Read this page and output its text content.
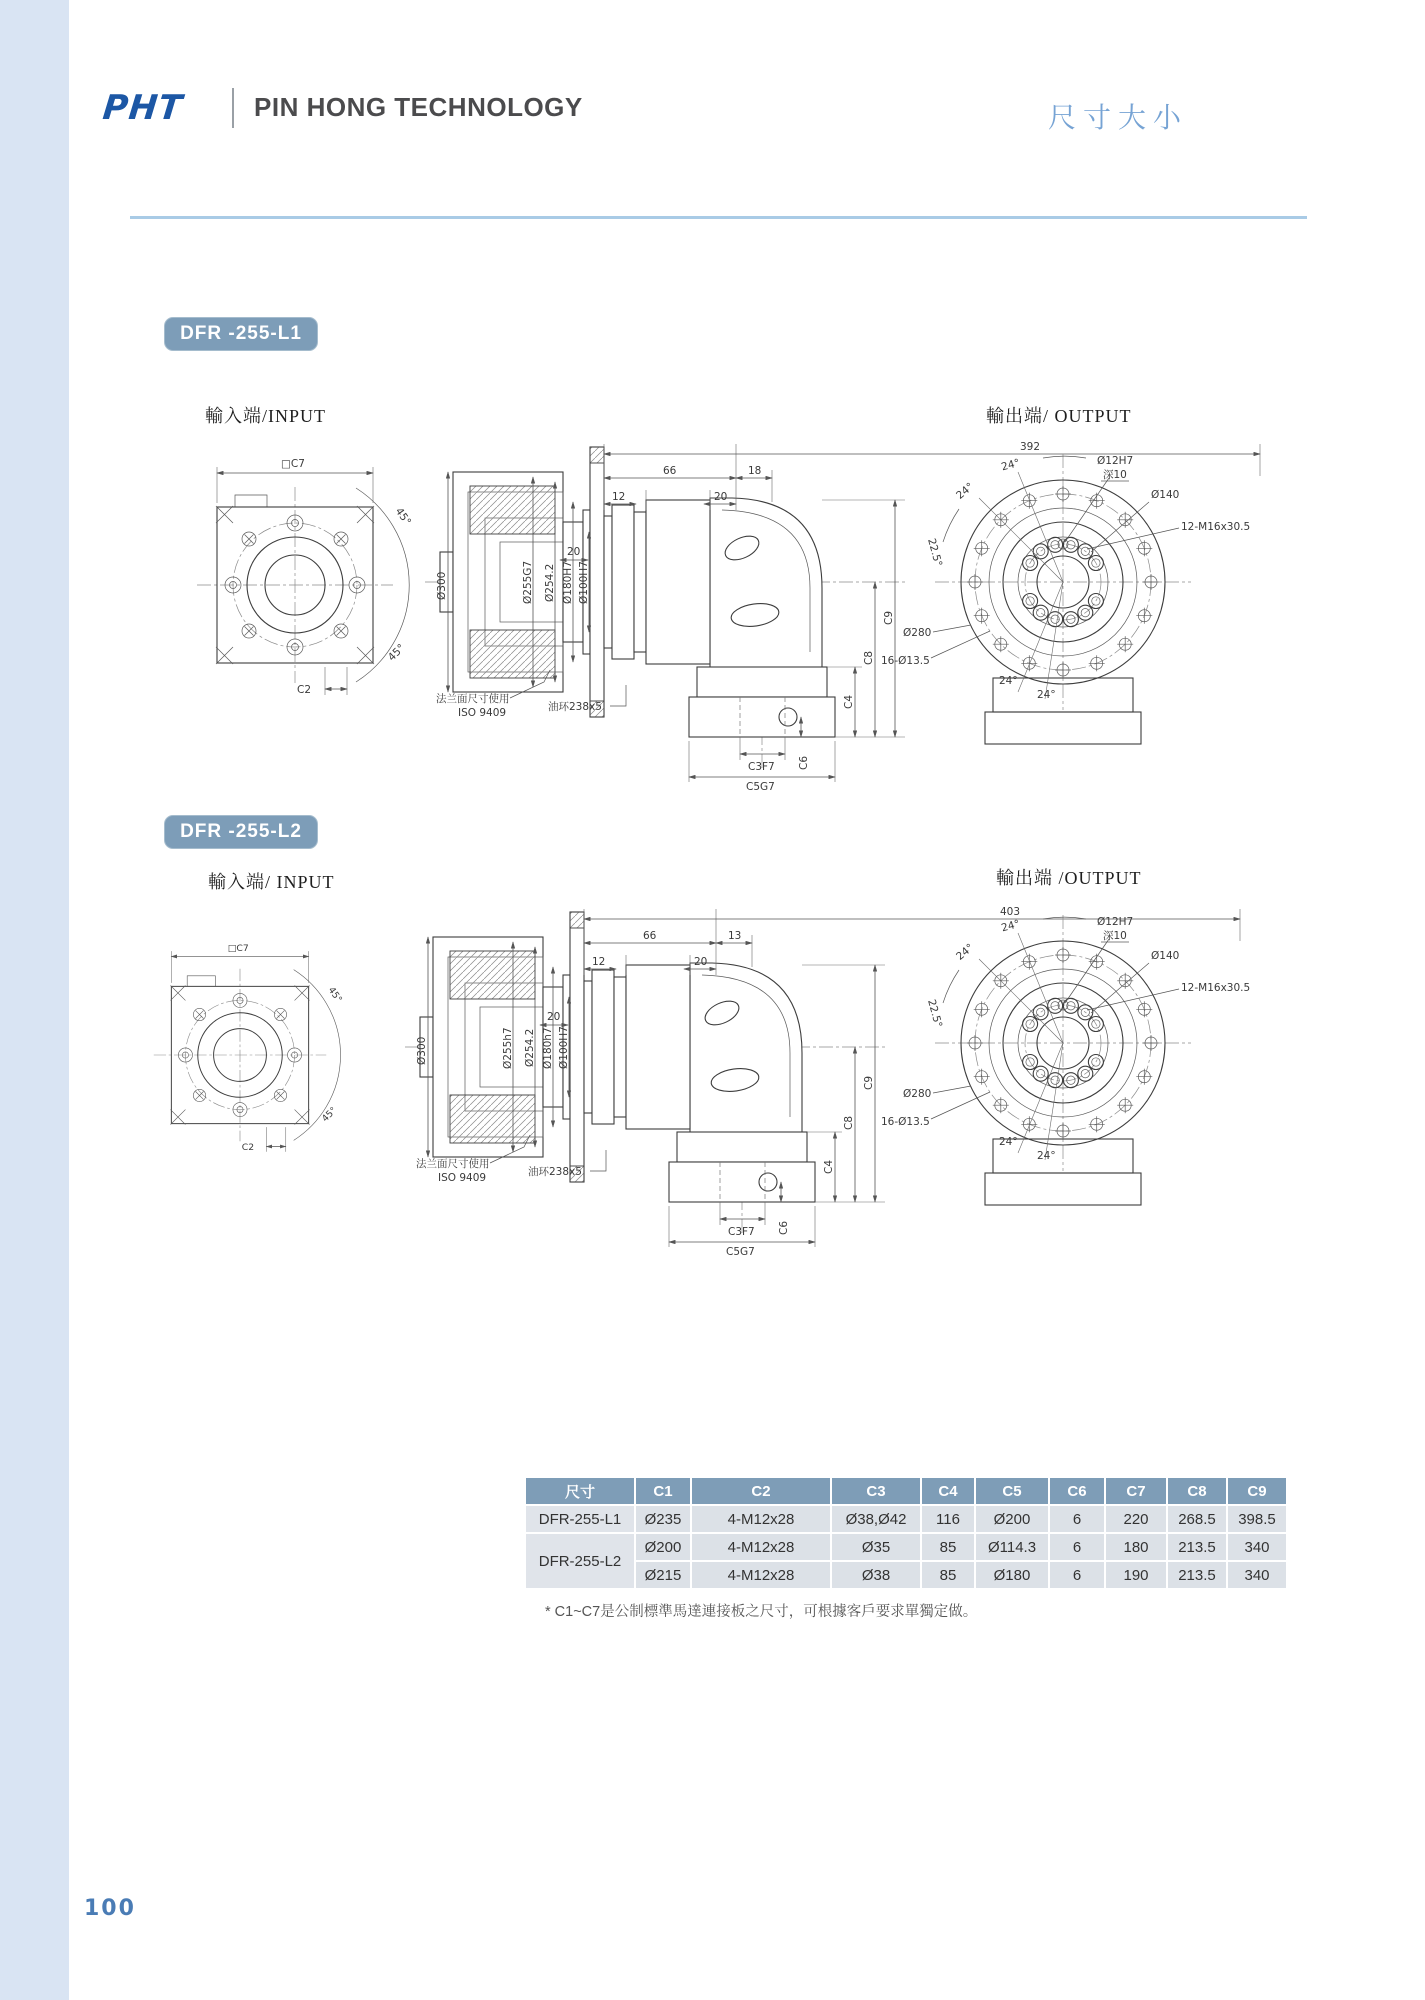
PHT	PIN HONG TECHNOLOGY	尺寸大小
DFR -255-L1
輸入端/INPUT	輸出端/ OUTPUT
□C7
C2
45°
45°
392
66	18
12	20
20
Ø300	Ø255G7 Ø254.2 Ø180H7 Ø100H7
C9
C8
C4
C3F7 C6
C5G7
法兰面尺寸使用
ISO 9409	油环238x5
24°
24°
Ø12H7
深10
Ø140
12-M16x30.5
22.5°
Ø280
16-Ø13.5
24°
24°
DFR -255-L2
輸入端/ INPUT	輸出端 /OUTPUT
□C7
C2
45°
45°
403
66	13
12	20
20
Ø300	Ø255h7 Ø254.2 Ø180h7 Ø100H7
C9
C8
C4
C3F7 C6
C5G7
法兰面尺寸使用
ISO 9409	油环238x5
24°
24°
Ø12H7
深10
Ø140
12-M16x30.5
22.5°
Ø280
16-Ø13.5
24°
24°
尺寸	C1	C2	C3	C4	C5	C6	C7	C8	C9
DFR-255-L1	Ø235	4-M12x28	Ø38,Ø42	116	Ø200	6	220	268.5	398.5
DFR-255-L2	Ø200	4-M12x28	Ø35	85	Ø114.3	6	180	213.5	340
	Ø215	4-M12x28	Ø38	85	Ø180	6	190	213.5	340
* C1~C7是公制標準馬達連接板之尺寸，可根據客戶要求單獨定做。
100
